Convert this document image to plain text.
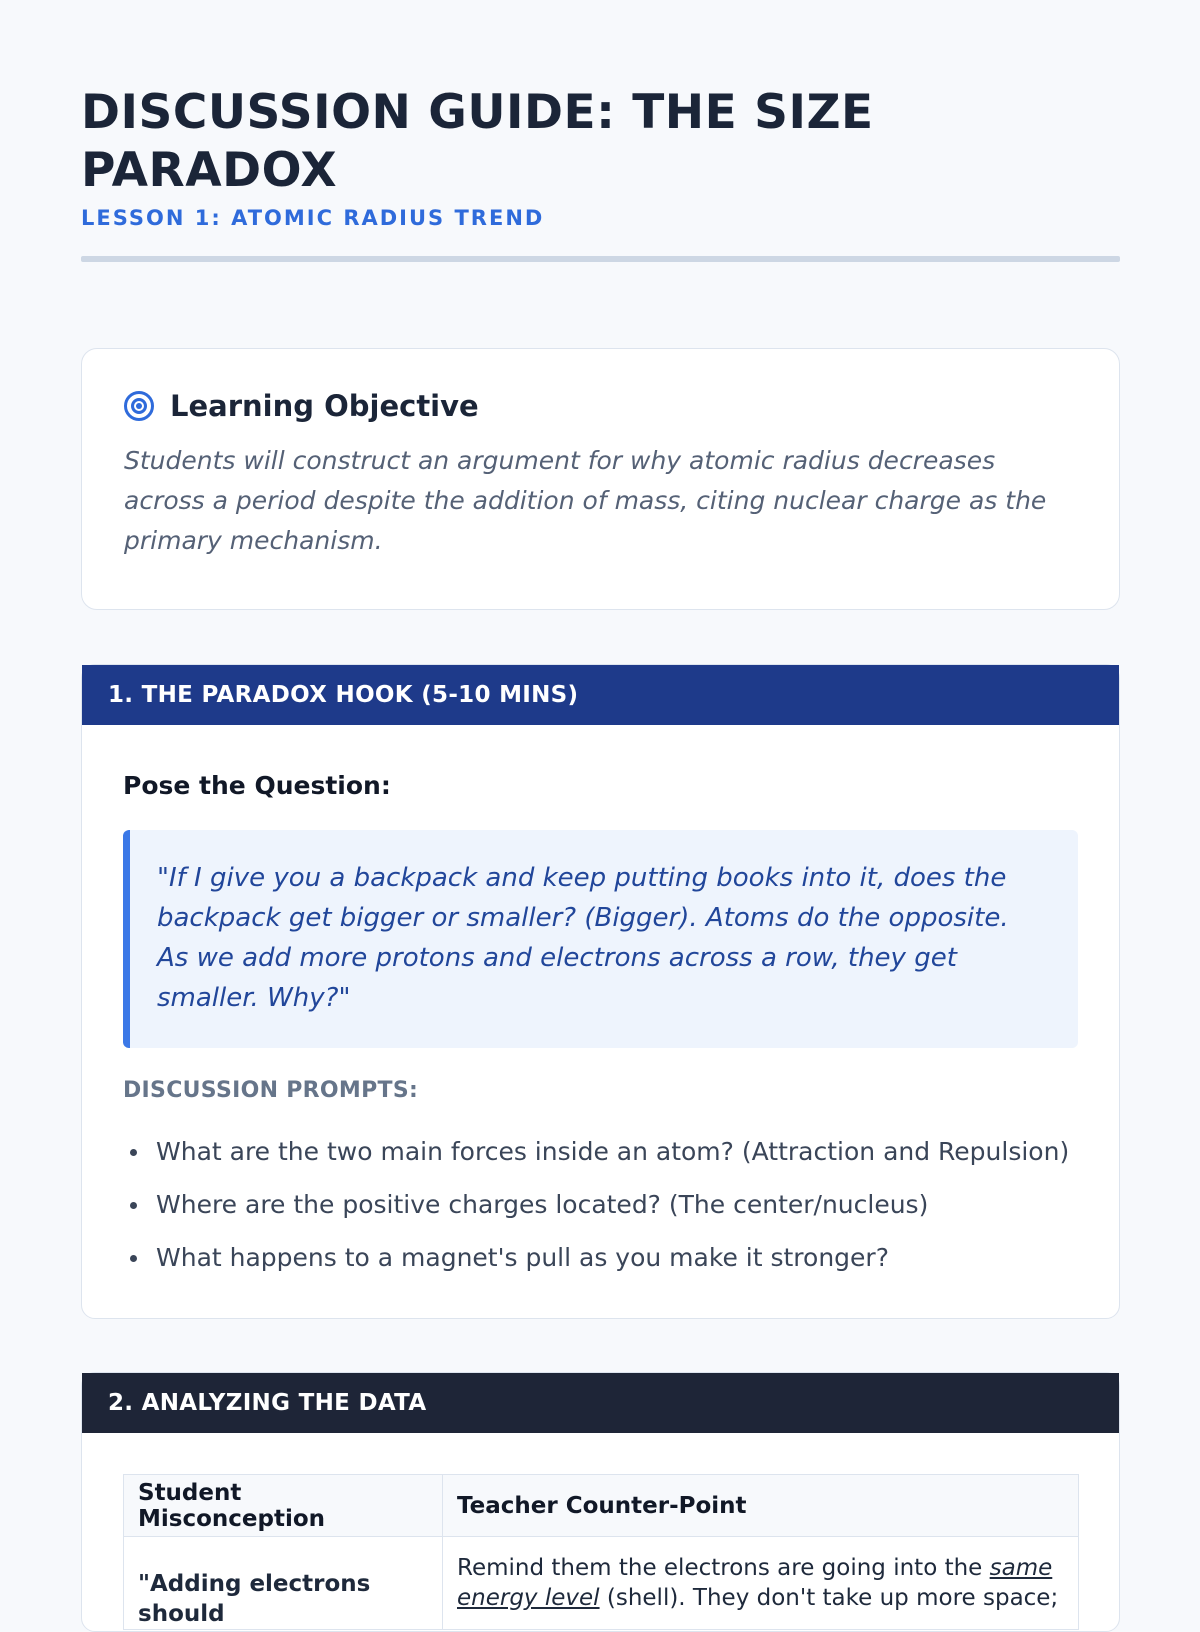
DISCUSSION GUIDE: THE SIZE PARADOX
LESSON 1: ATOMIC RADIUS TREND
Learning Objective

Students will construct an argument for why atomic radius decreases across a period despite the addition of mass, citing nuclear charge as the primary mechanism.

1. THE PARADOX HOOK (5-10 MINS)
Pose the Question:
"If I give you a backpack and keep putting books into it, does the backpack get bigger or smaller? (Bigger). Atoms do the opposite. As we add more protons and electrons across a row, they get smaller. Why?"
DISCUSSION PROMPTS:
What are the two main forces inside an atom? (Attraction and Repulsion)
Where are the positive charges located? (The center/nucleus)
What happens to a magnet's pull as you make it stronger?
2. ANALYZING THE DATA
Student Misconception	Teacher Counter-Point
"Adding electrons should	Remind them the electrons are going into the same energy level (shell). They don't take up more space;
